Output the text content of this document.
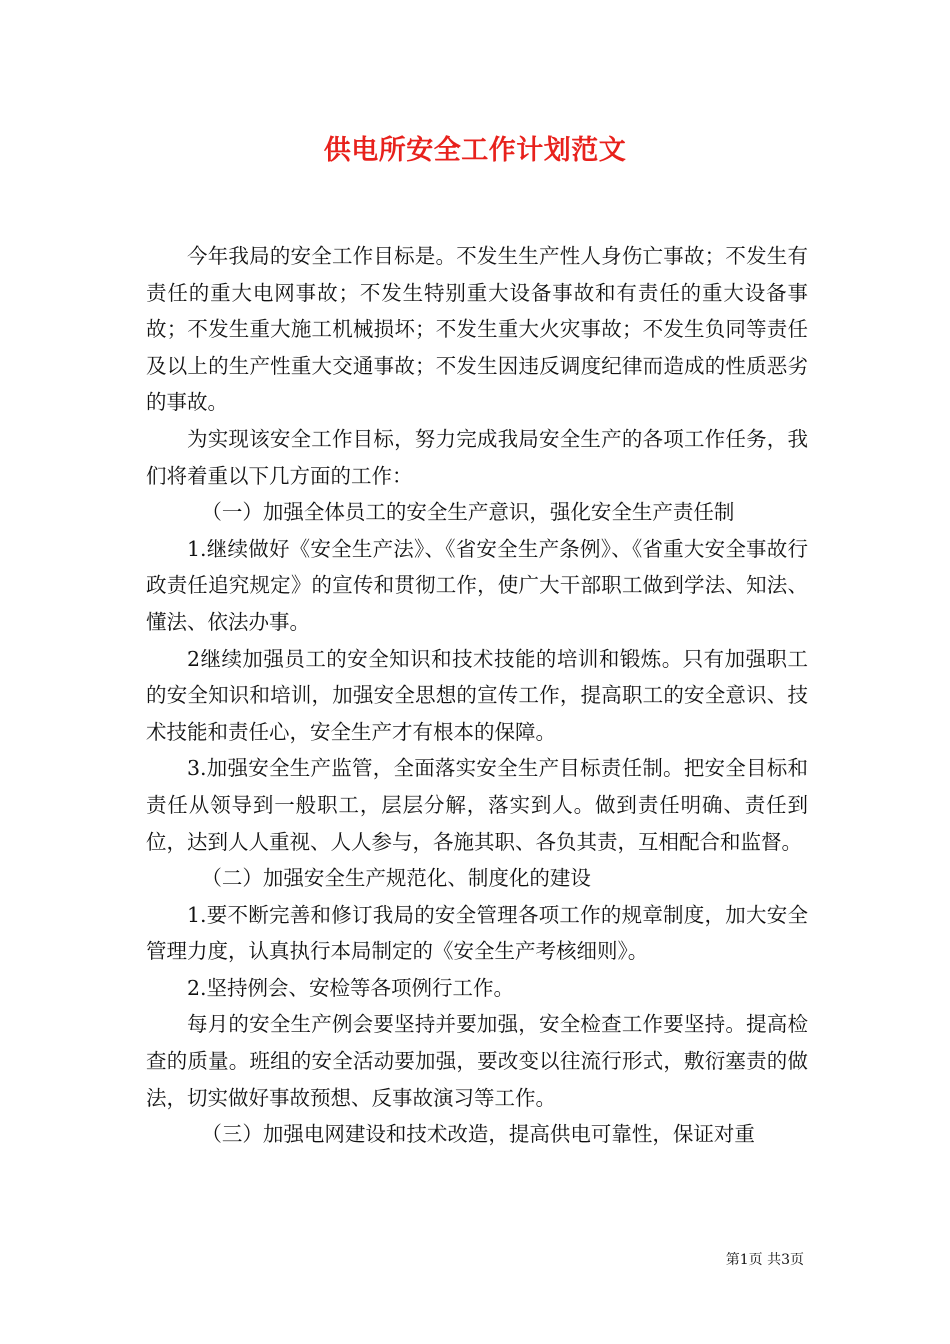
供电所安全工作计划范文

今年我局的安全工作目标是。不发生生产性人身伤亡事故；不发生有责任的重大电网事故；不发生特别重大设备事故和有责任的重大设备事故；不发生重大施工机械损坏；不发生重大火灾事故；不发生负同等责任及以上的生产性重大交通事故；不发生因违反调度纪律而造成的性质恶劣的事故。

为实现该安全工作目标，努力完成我局安全生产的各项工作任务，我们将着重以下几方面的工作：

（一）加强全体员工的安全生产意识，强化安全生产责任制

1.继续做好《安全生产法》、《省安全生产条例》、《省重大安全事故行政责任追究规定》的宣传和贯彻工作，使广大干部职工做到学法、知法、懂法、依法办事。

2继续加强员工的安全知识和技术技能的培训和锻炼。只有加强职工的安全知识和培训，加强安全思想的宣传工作，提高职工的安全意识、技术技能和责任心，安全生产才有根本的保障。

3.加强安全生产监管，全面落实安全生产目标责任制。把安全目标和责任从领导到一般职工，层层分解，落实到人。做到责任明确、责任到位，达到人人重视、人人参与，各施其职、各负其责，互相配合和监督。

（二）加强安全生产规范化、制度化的建设

1.要不断完善和修订我局的安全管理各项工作的规章制度，加大安全管理力度，认真执行本局制定的《安全生产考核细则》。

2.坚持例会、安检等各项例行工作。

每月的安全生产例会要坚持并要加强，安全检查工作要坚持。提高检查的质量。班组的安全活动要加强，要改变以往流行形式，敷衍塞责的做法，切实做好事故预想、反事故演习等工作。

（三）加强电网建设和技术改造，提高供电可靠性，保证对重

第1页 共3页
